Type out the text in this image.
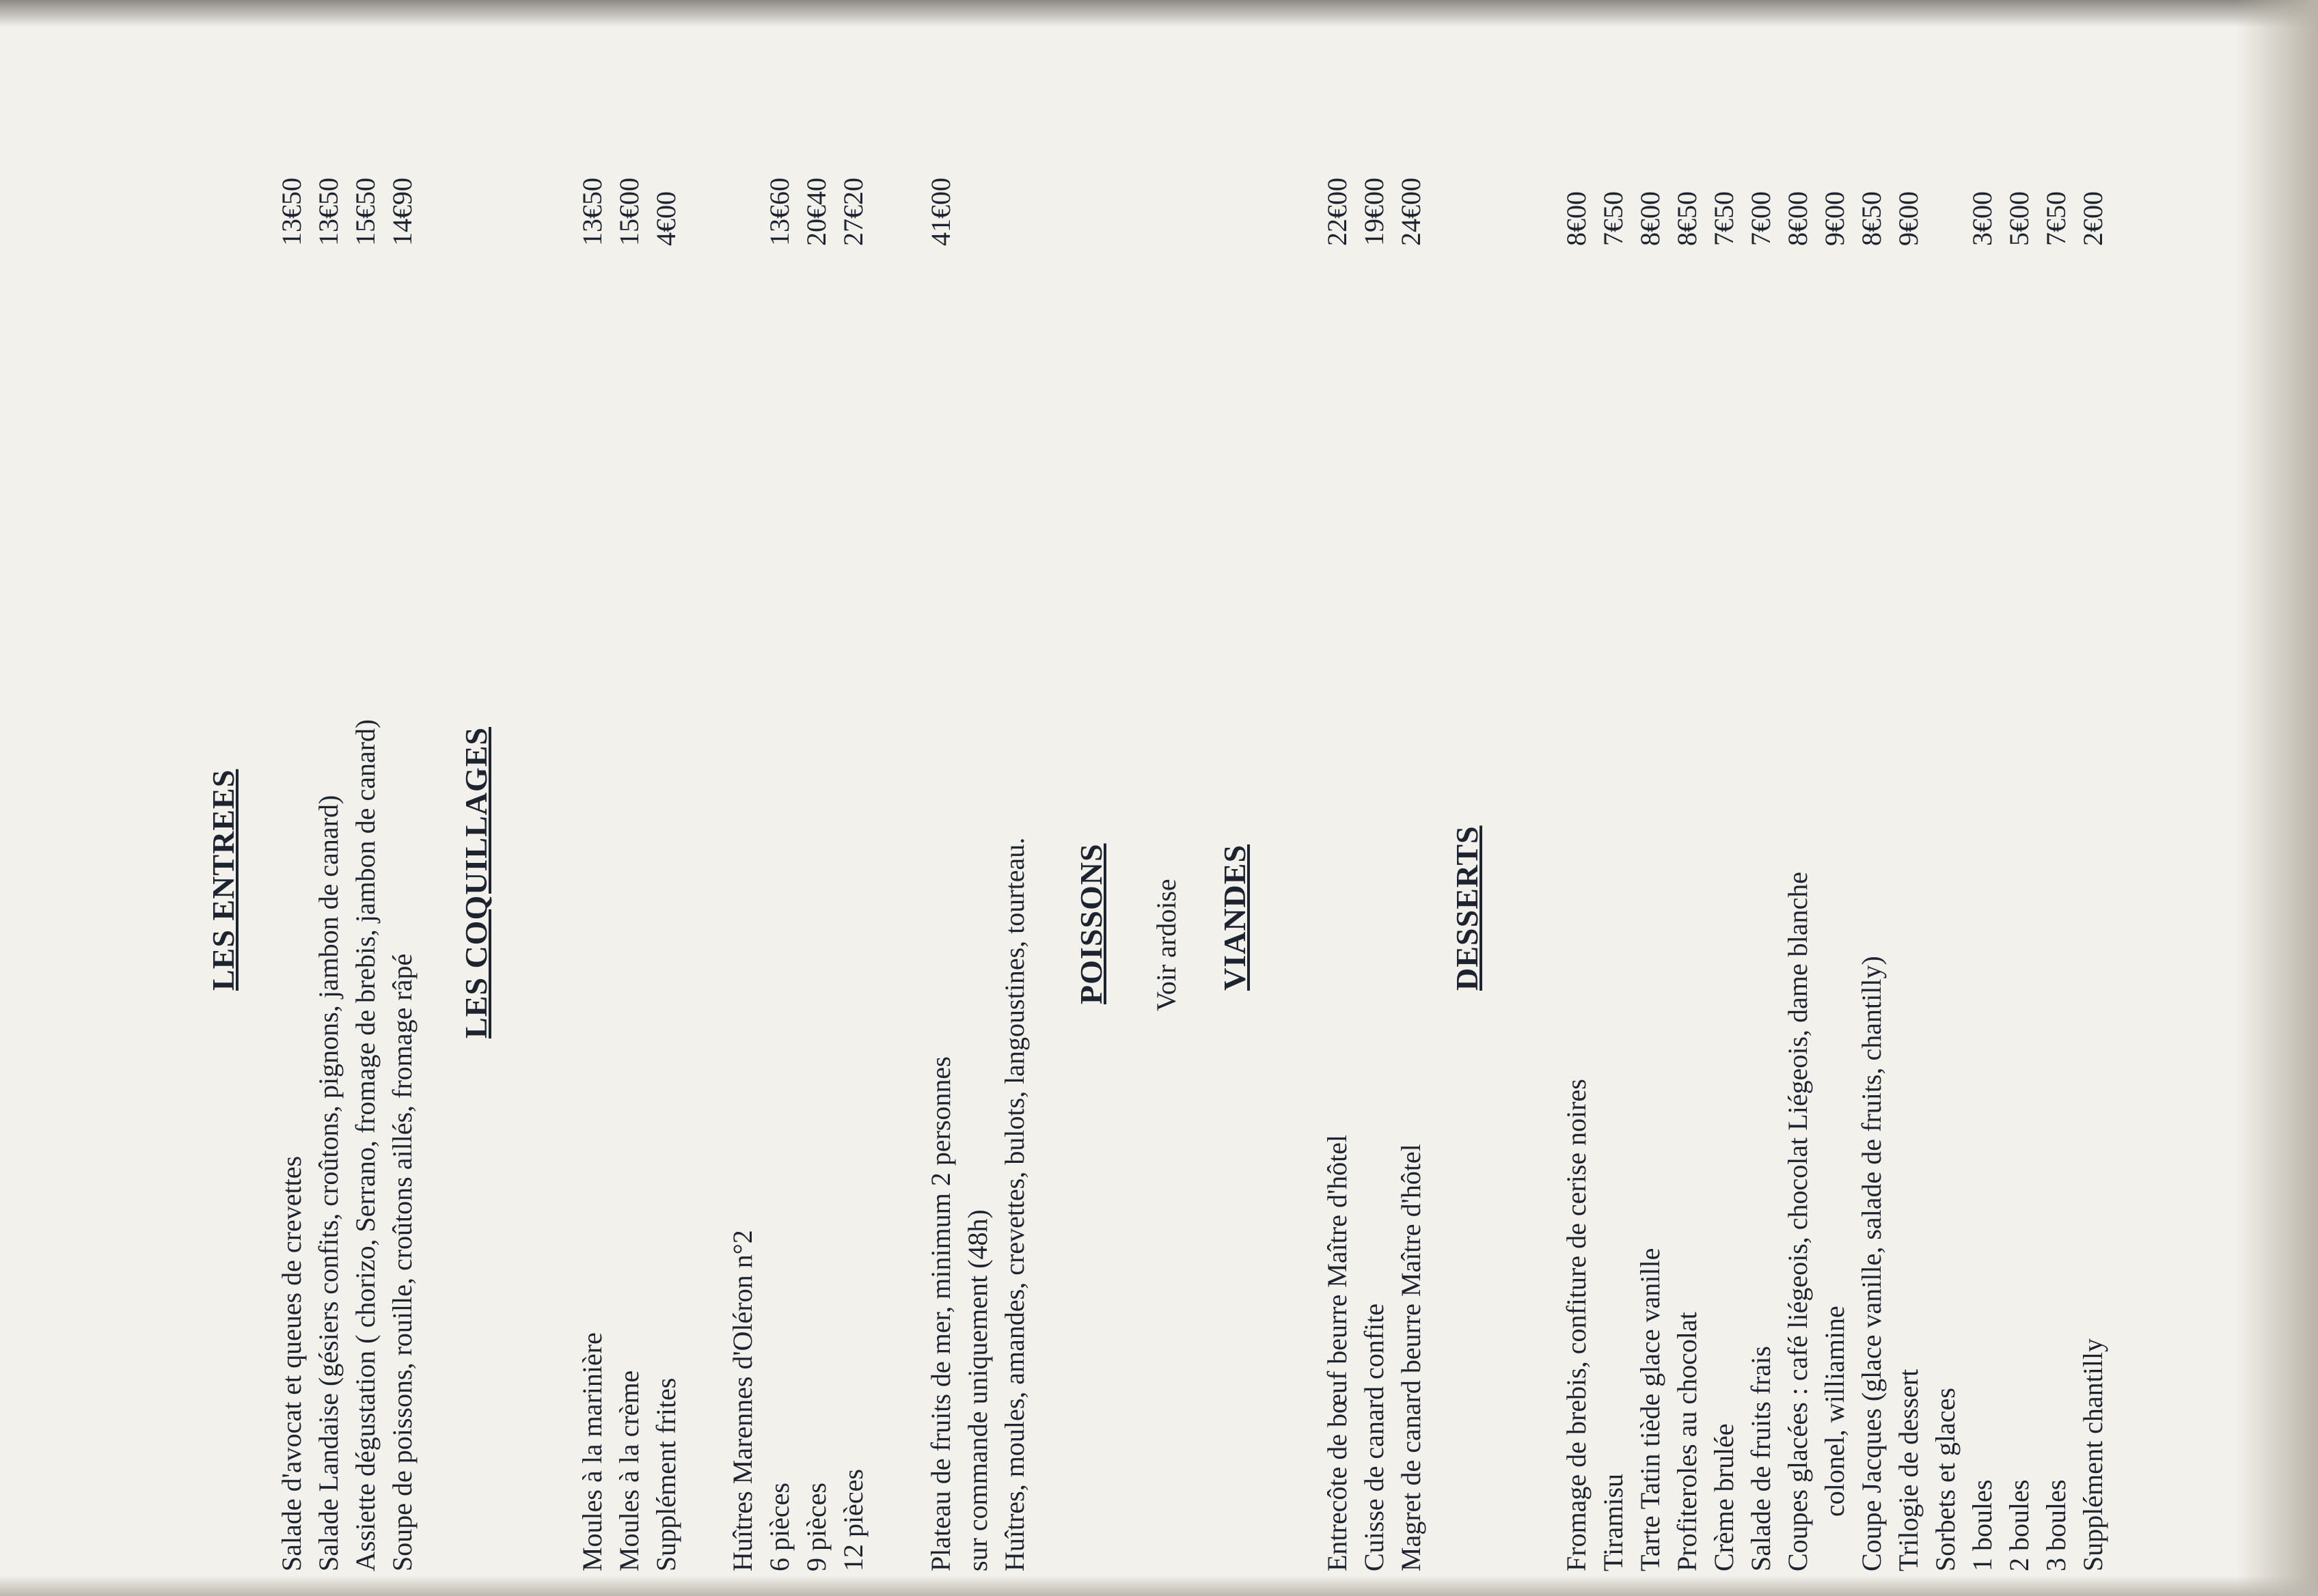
LES ENTREES
Salade d'avocat et queues de crevettes
13€50
Salade Landaise (gésiers confits, croûtons, pignons, jambon de canard)
13€50
Assiette dégustation ( chorizo, Serrano, fromage de brebis, jambon de canard)
15€50
Soupe de poissons, rouille, croûtons aillés, fromage râpé
14€90
LES COQUILLAGES
Moules à la marinière
13€50
Moules à la crème
15€00
Supplément frites
4€00
Huîtres Marennes d'Oléron n°2 6 pièces
13€60
9 pièces
20€40
12 pièces
27€20
Plateau de fruits de mer, minimum 2 personnes sur commande uniquement (48h) Huîtres, moules, amandes, crevettes, bulots, langoustines, tourteau.
41€00
POISSONS Voir ardoise VIANDES
Entrecôte de bœuf beurre Maître d'hôtel
22€00
Cuisse de canard confite
19€00
Magret de canard beurre Maître d'hôtel
24€00
DESSERTS
Fromage de brebis, confiture de cerise noires
8€00
Tiramisu
7€50
Tarte Tatin tiède glace vanille
8€00
Profiteroles au chocolat
8€50
Crème brulée
7€50
Salade de fruits frais
7€00
Coupes glacées : café liégeois, chocolat Liégeois, dame blanche
8€00
colonel, williamine
9€00
Coupe Jacques (glace vanille, salade de fruits, chantilly)
8€50
Trilogie de dessert
9€00
Sorbets et glaces 1 boules
3€00
2 boules
5€00
3 boules
7€50
Supplément chantilly
2€00
